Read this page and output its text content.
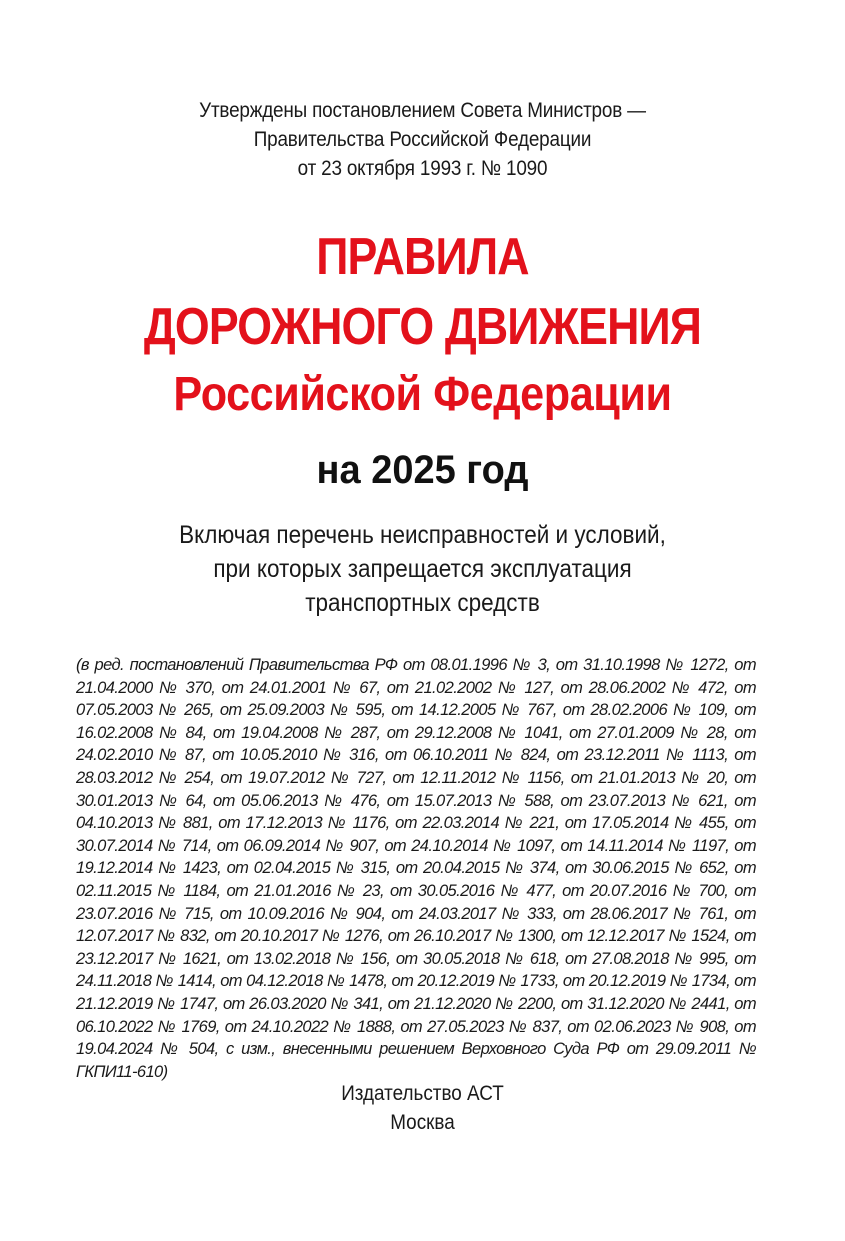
Утверждены постановлением Совета Министров —
Правительства Российской Федерации
от 23 октября 1993 г. № 1090
ПРАВИЛА
ДОРОЖНОГО ДВИЖЕНИЯ
Российской Федерации
на 2025 год
Включая перечень неисправностей и условий,
при которых запрещается эксплуатация
транспортных средств
(в ред. постановлений Правительства РФ от 08.01.1996 № 3, от 31.10.1998 № 1272, от 21.04.2000 № 370, от 24.01.2001 № 67, от 21.02.2002 № 127, от 28.06.2002 № 472, от 07.05.2003 № 265, от 25.09.2003 № 595, от 14.12.2005 № 767, от 28.02.2006 № 109, от 16.02.2008 № 84, от 19.04.2008 № 287, от 29.12.2008 № 1041, от 27.01.2009 № 28, от 24.02.2010 № 87, от 10.05.2010 № 316, от 06.10.2011 № 824, от 23.12.2011 № 1113, от 28.03.2012 № 254, от 19.07.2012 № 727, от 12.11.2012 № 1156, от 21.01.2013 № 20, от 30.01.2013 № 64, от 05.06.2013 № 476, от 15.07.2013 № 588, от 23.07.2013 № 621, от 04.10.2013 № 881, от 17.12.2013 № 1176, от 22.03.2014 № 221, от 17.05.2014 № 455, от 30.07.2014 № 714, от 06.09.2014 № 907, от 24.10.2014 № 1097, от 14.11.2014 № 1197, от 19.12.2014 № 1423, от 02.04.2015 № 315, от 20.04.2015 № 374, от 30.06.2015 № 652, от 02.11.2015 № 1184, от 21.01.2016 № 23, от 30.05.2016 № 477, от 20.07.2016 № 700, от 23.07.2016 № 715, от 10.09.2016 № 904, от 24.03.2017 № 333, от 28.06.2017 № 761, от 12.07.2017 № 832, от 20.10.2017 № 1276, от 26.10.2017 № 1300, от 12.12.2017 № 1524, от 23.12.2017 № 1621, от 13.02.2018 № 156, от 30.05.2018 № 618, от 27.08.2018 № 995, от 24.11.2018 № 1414, от 04.12.2018 № 1478, от 20.12.2019 № 1733, от 20.12.2019 № 1734, от 21.12.2019 № 1747, от 26.03.2020 № 341, от 21.12.2020 № 2200, от 31.12.2020 № 2441, от 06.10.2022 № 1769, от 24.10.2022 № 1888, от 27.05.2023 № 837, от 02.06.2023 № 908, от 19.04.2024 № 504, с изм., внесенными решением Верховного Суда РФ от 29.09.2011 № ГКПИ11-610)
Издательство АСТ
Москва
